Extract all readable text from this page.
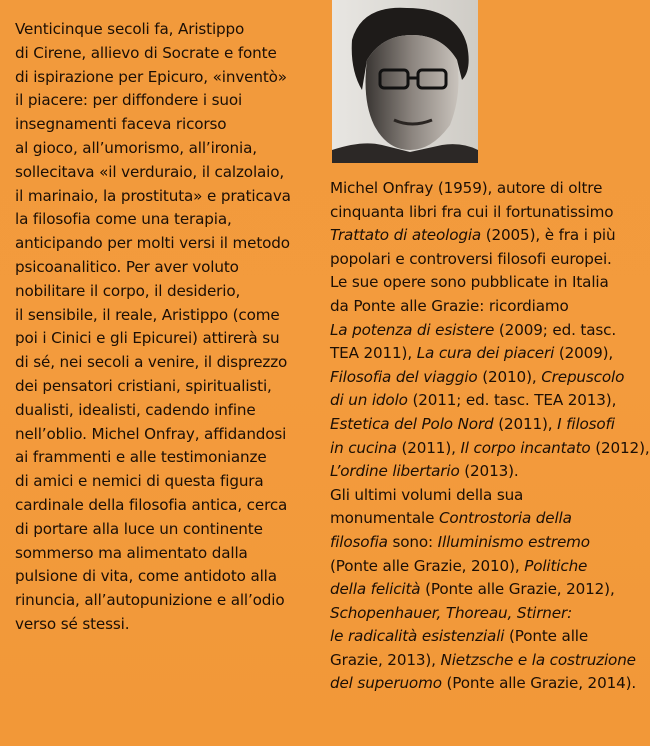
Venticinque secoli fa, Aristippo
di Cirene, allievo di Socrate e fonte
di ispirazione per Epicuro, «inventò»
il piacere: per diffondere i suoi
insegnamenti faceva ricorso
al gioco, all’umorismo, all’ironia,
sollecitava «il verduraio, il calzolaio,
il marinaio, la prostituta» e praticava
la filosofia come una terapia,
anticipando per molti versi il metodo
psicoanalitico. Per aver voluto
nobilitare il corpo, il desiderio,
il sensibile, il reale, Aristippo (come
poi i Cinici e gli Epicurei) attirerà su
di sé, nei secoli a venire, il disprezzo
dei pensatori cristiani, spiritualisti,
dualisti, idealisti, cadendo infine
nell’oblio. Michel Onfray, affidandosi
ai frammenti e alle testimonianze
di amici e nemici di questa figura
cardinale della filosofia antica, cerca
di portare alla luce un continente
sommerso ma alimentato dalla
pulsione di vita, come antidoto alla
rinuncia, all’autopunizione e all’odio
verso sé stessi.
Michel Onfray (1959), autore di oltre
cinquanta libri fra cui il fortunatissimo
Trattato di ateologia (2005), è fra i più
popolari e controversi filosofi europei.
Le sue opere sono pubblicate in Italia
da Ponte alle Grazie: ricordiamo
La potenza di esistere (2009; ed. tasc.
TEA 2011), La cura dei piaceri (2009),
Filosofia del viaggio (2010), Crepuscolo
di un idolo (2011; ed. tasc. TEA 2013),
Estetica del Polo Nord (2011), I filosofi
in cucina (2011), Il corpo incantato (2012),
L’ordine libertario (2013).
Gli ultimi volumi della sua
monumentale Controstoria della
filosofia sono: Illuminismo estremo
(Ponte alle Grazie, 2010), Politiche
della felicità (Ponte alle Grazie, 2012),
Schopenhauer, Thoreau, Stirner:
le radicalità esistenziali (Ponte alle
Grazie, 2013), Nietzsche e la costruzione
del superuomo (Ponte alle Grazie, 2014).
